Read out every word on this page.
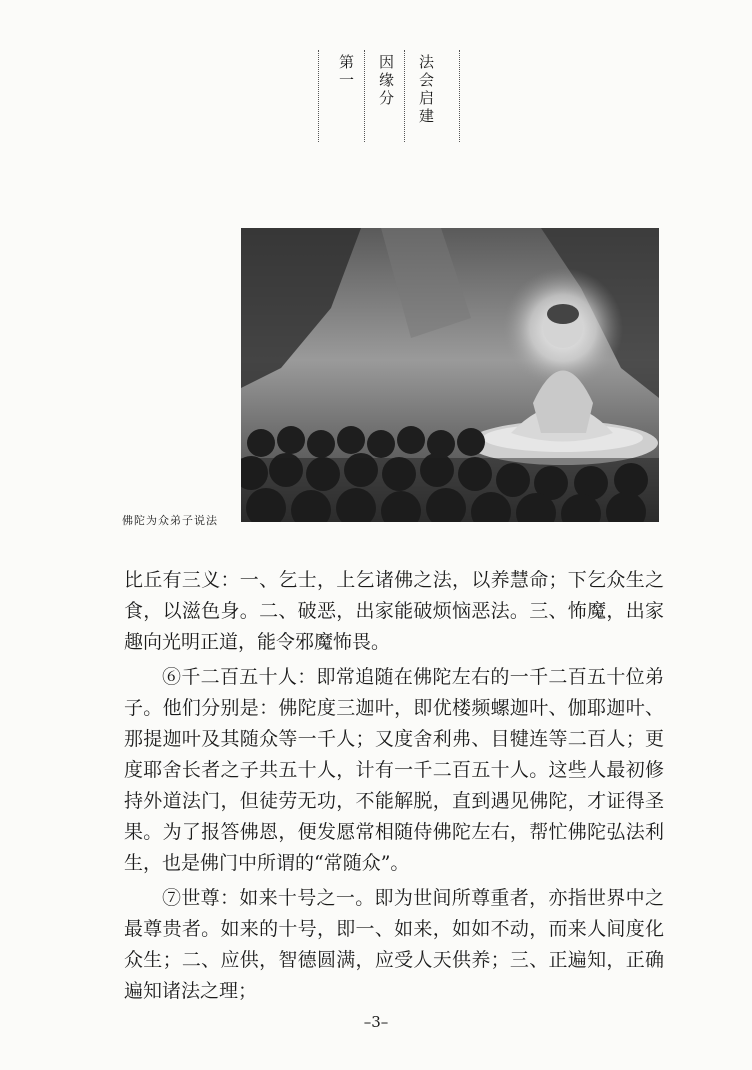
第一 因缘分 法会启建
佛陀为众弟子说法

比丘有三义：一、乞士，上乞诸佛之法，以养慧命；下乞众生之食，以滋色身。二、破恶，出家能破烦恼恶法。三、怖魔，出家趣向光明正道，能令邪魔怖畏。

⑥千二百五十人：即常追随在佛陀左右的一千二百五十位弟子。他们分别是：佛陀度三迦叶，即优楼频螺迦叶、伽耶迦叶、那提迦叶及其随众等一千人；又度舍利弗、目犍连等二百人；更度耶舍长者之子共五十人，计有一千二百五十人。这些人最初修持外道法门，但徒劳无功，不能解脱，直到遇见佛陀，才证得圣果。为了报答佛恩，便发愿常相随侍佛陀左右，帮忙佛陀弘法利生，也是佛门中所谓的“常随众”。

⑦世尊：如来十号之一。即为世间所尊重者，亦指世界中之最尊贵者。如来的十号，即一、如来，如如不动，而来人间度化众生；二、应供，智德圆满，应受人天供养；三、正遍知，正确遍知诸法之理；

–3–
